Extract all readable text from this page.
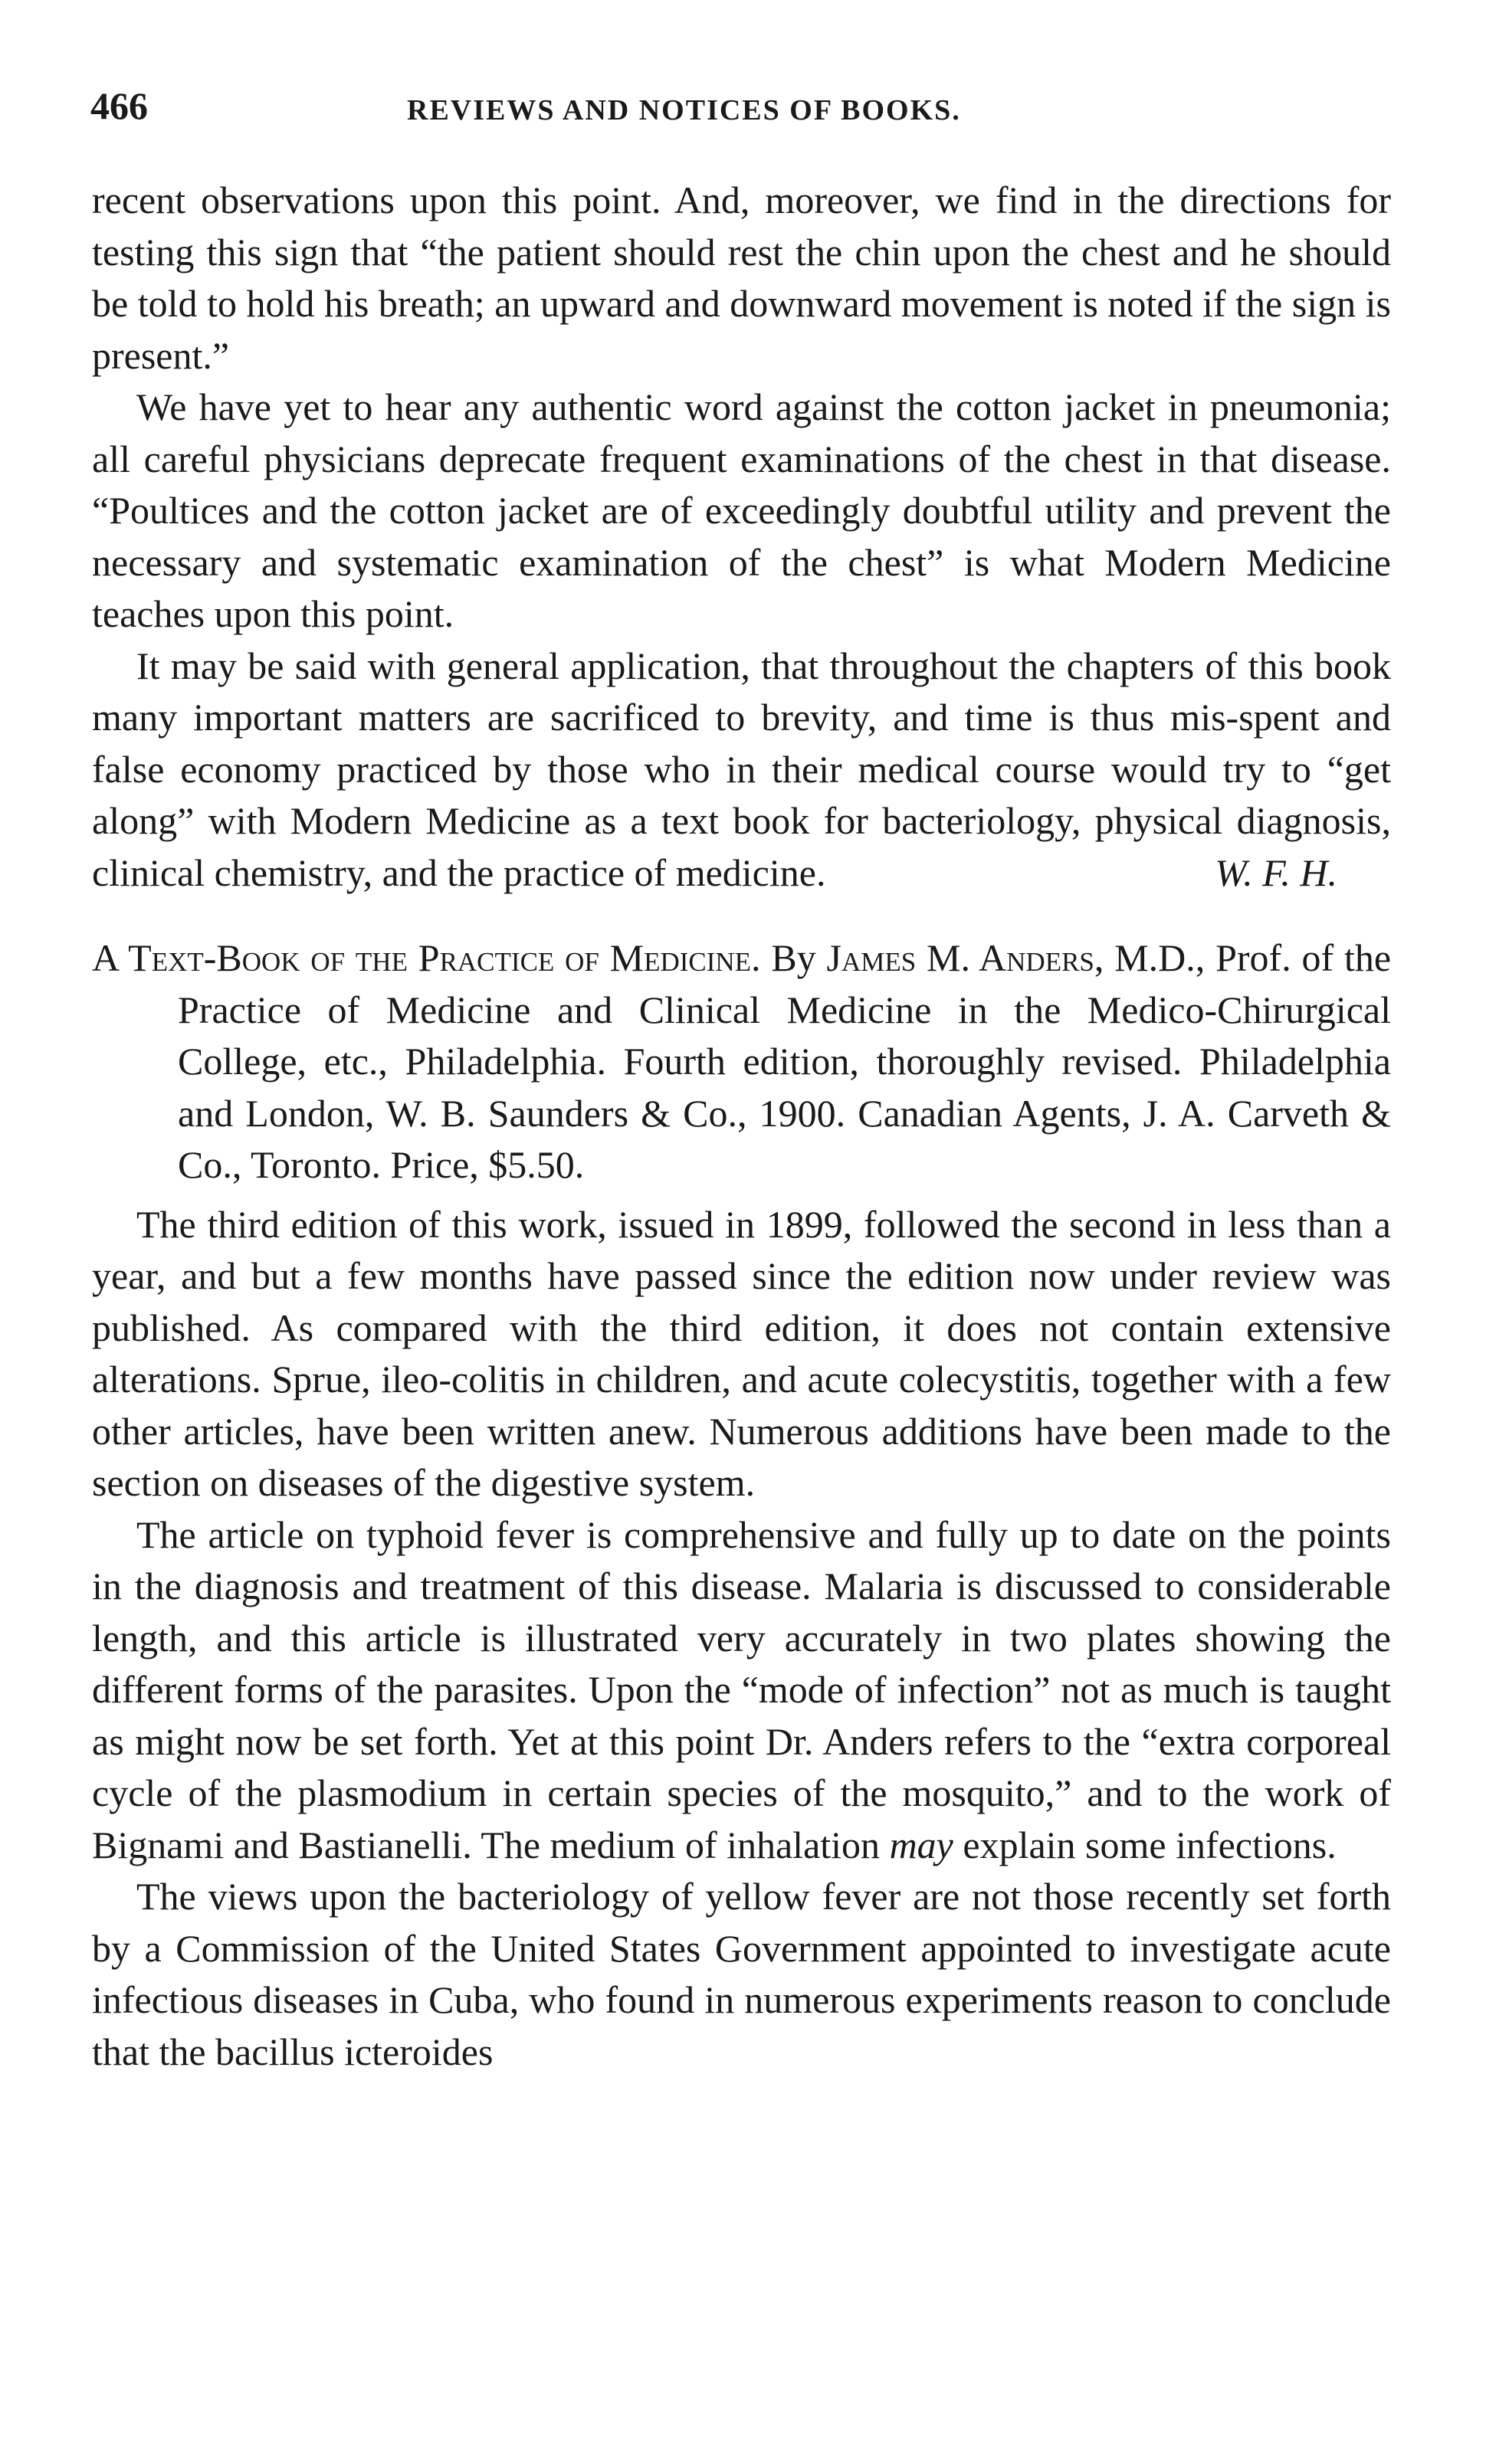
466	REVIEWS AND NOTICES OF BOOKS.

recent observations upon this point. And, moreover, we find in the directions for testing this sign that “the patient should rest the chin upon the chest and he should be told to hold his breath; an upward and downward movement is noted if the sign is present.”

We have yet to hear any authentic word against the cotton jacket in pneumonia; all careful physicians deprecate frequent examinations of the chest in that disease. “Poultices and the cotton jacket are of exceedingly doubtful utility and prevent the necessary and systematic examination of the chest” is what Modern Medicine teaches upon this point.

It may be said with general application, that throughout the chapters of this book many important matters are sacrificed to brevity, and time is thus mis-spent and false economy practiced by those who in their medical course would try to “get along” with Modern Medicine as a text book for bacteriology, physical diagnosis, clinical chemistry, and the practice of medicine.	W. F. H.

A Text-Book of the Practice of Medicine. By James M. Anders, M.D., Prof. of the Practice of Medicine and Clinical Medicine in the Medico-Chirurgical College, etc., Philadelphia. Fourth edition, thoroughly revised. Philadelphia and London, W. B. Saunders & Co., 1900. Canadian Agents, J. A. Carveth & Co., Toronto. Price, $5.50.

The third edition of this work, issued in 1899, followed the second in less than a year, and but a few months have passed since the edition now under review was published. As compared with the third edition, it does not contain extensive alterations. Sprue, ileo-colitis in children, and acute colecystitis, together with a few other articles, have been written anew. Numerous additions have been made to the section on diseases of the digestive system.

The article on typhoid fever is comprehensive and fully up to date on the points in the diagnosis and treatment of this disease. Malaria is discussed to considerable length, and this article is illustrated very accurately in two plates showing the different forms of the parasites. Upon the “mode of infection” not as much is taught as might now be set forth. Yet at this point Dr. Anders refers to the “extra corporeal cycle of the plasmodium in certain species of the mosquito,” and to the work of Bignami and Bastianelli. The medium of inhalation may explain some infections.

The views upon the bacteriology of yellow fever are not those recently set forth by a Commission of the United States Government appointed to investigate acute infectious diseases in Cuba, who found in numerous experiments reason to conclude that the bacillus icteroides
